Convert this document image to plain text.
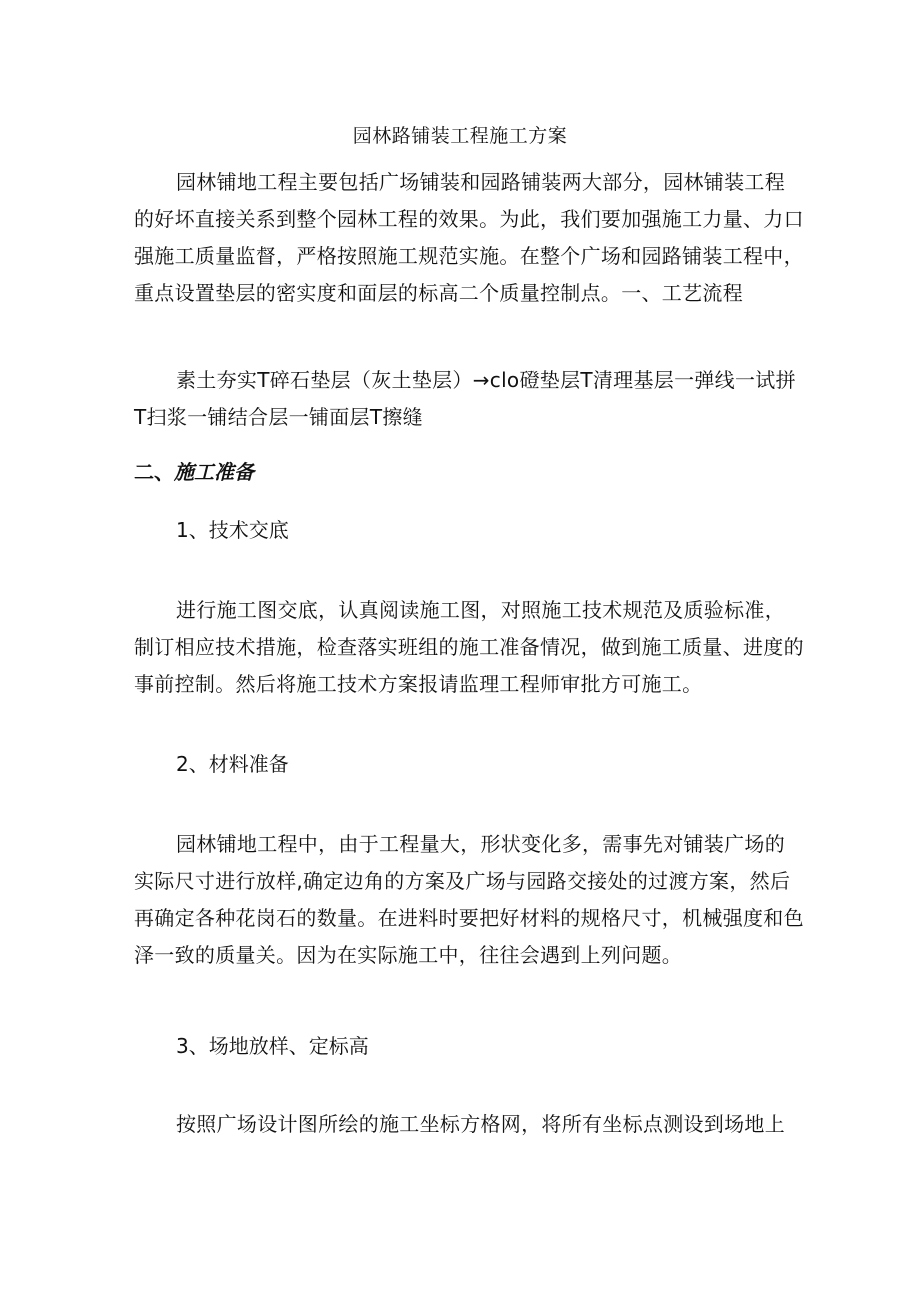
园林路铺装工程施工方案
园林铺地工程主要包括广场铺装和园路铺装两大部分，园林铺装工程
的好坏直接关系到整个园林工程的效果。为此，我们要加强施工力量、力口
强施工质量监督，严格按照施工规范实施。在整个广场和园路铺装工程中，
重点设置垫层的密实度和面层的标高二个质量控制点。一、工艺流程
素土夯实T碎石垫层（灰土垫层）→clo磴垫层T清理基层一弹线一试拼
T扫浆一铺结合层一铺面层T擦缝
二、施工准备
1、技术交底
进行施工图交底，认真阅读施工图，对照施工技术规范及质验标准，
制订相应技术措施，检查落实班组的施工准备情况，做到施工质量、进度的
事前控制。然后将施工技术方案报请监理工程师审批方可施工。
2、材料准备
园林铺地工程中，由于工程量大，形状变化多，需事先对铺装广场的
实际尺寸进行放样,确定边角的方案及广场与园路交接处的过渡方案，然后
再确定各种花岗石的数量。在进料时要把好材料的规格尺寸，机械强度和色
泽一致的质量关。因为在实际施工中，往往会遇到上列问题。
3、场地放样、定标高
按照广场设计图所绘的施工坐标方格网，将所有坐标点测设到场地上
